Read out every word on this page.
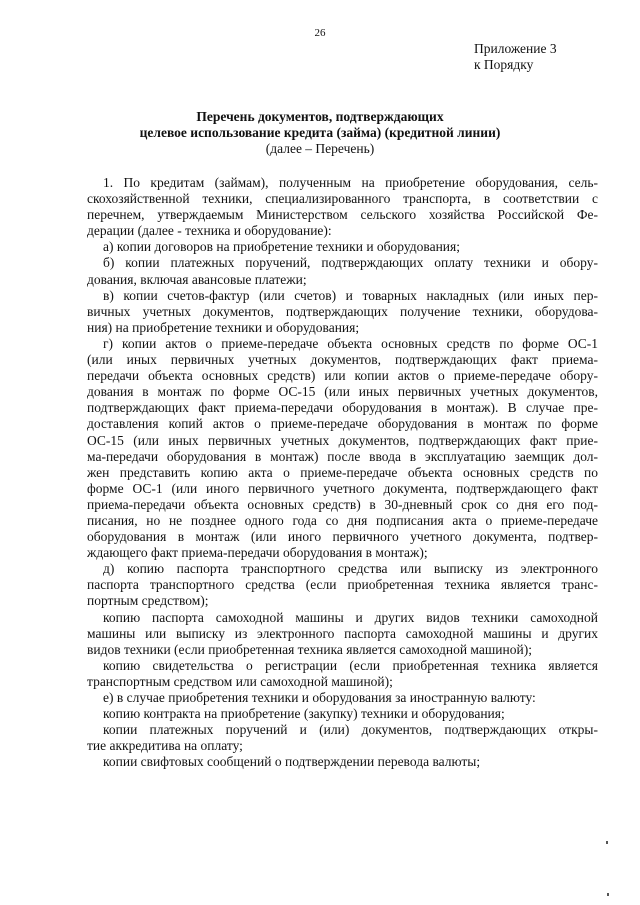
26
Приложение 3
к Порядку
Перечень документов, подтверждающих
целевое использование кредита (займа) (кредитной линии)
(далее – Перечень)
1. По кредитам (займам), полученным на приобретение оборудования, сель-
скохозяйственной техники, специализированного транспорта, в соответствии с
перечнем, утверждаемым Министерством сельского хозяйства Российской Фе-
дерации (далее - техника и оборудование):
а) копии договоров на приобретение техники и оборудования;
б) копии платежных поручений, подтверждающих оплату техники и обору-
дования, включая авансовые платежи;
в) копии счетов-фактур (или счетов) и товарных накладных (или иных пер-
вичных учетных документов, подтверждающих получение техники, оборудова-
ния) на приобретение техники и оборудования;
г) копии актов о приеме-передаче объекта основных средств по форме ОС-1
(или иных первичных учетных документов, подтверждающих факт приема-
передачи объекта основных средств) или копии актов о приеме-передаче обору-
дования в монтаж по форме ОС-15 (или иных первичных учетных документов,
подтверждающих факт приема-передачи оборудования в монтаж). В случае пре-
доставления копий актов о приеме-передаче оборудования в монтаж по форме
ОС-15 (или иных первичных учетных документов, подтверждающих факт прие-
ма-передачи оборудования в монтаж) после ввода в эксплуатацию заемщик дол-
жен представить копию акта о приеме-передаче объекта основных средств по
форме ОС-1 (или иного первичного учетного документа, подтверждающего факт
приема-передачи объекта основных средств) в 30-дневный срок со дня его под-
писания, но не позднее одного года со дня подписания акта о приеме-передаче
оборудования в монтаж (или иного первичного учетного документа, подтвер-
ждающего факт приема-передачи оборудования в монтаж);
д) копию паспорта транспортного средства или выписку из электронного
паспорта транспортного средства (если приобретенная техника является транс-
портным средством);
копию паспорта самоходной машины и других видов техники самоходной
машины или выписку из электронного паспорта самоходной машины и других
видов техники (если приобретенная техника является самоходной машиной);
копию свидетельства о регистрации (если приобретенная техника является
транспортным средством или самоходной машиной);
е) в случае приобретения техники и оборудования за иностранную валюту:
копию контракта на приобретение (закупку) техники и оборудования;
копии платежных поручений и (или) документов, подтверждающих откры-
тие аккредитива на оплату;
копии свифтовых сообщений о подтверждении перевода валюты;
